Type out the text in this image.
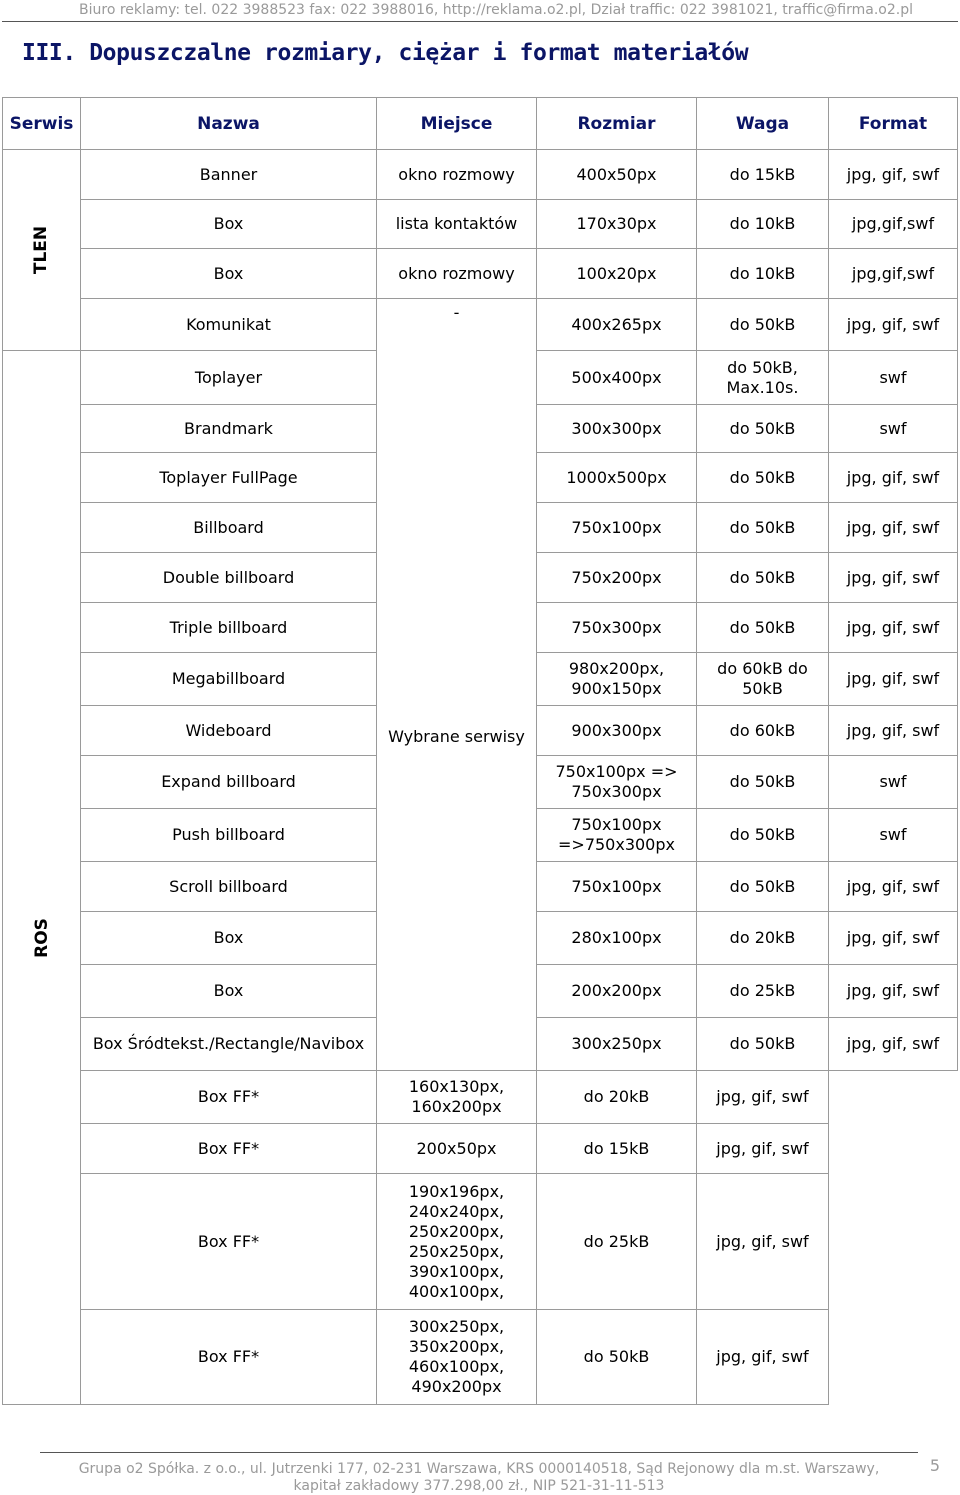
Biuro reklamy: tel. 022 3988523 fax: 022 3988016, http://reklama.o2.pl, Dział traffic: 022 3981021, traffic@firma.o2.pl
III. Dopuszczalne rozmiary, ciężar i format materiałów
Serwis	Nazwa	Miejsce	Rozmiar	Waga	Format
TLEN	Banner	okno rozmowy	400x50px	do 15kB	jpg, gif, swf
	Box	lista kontaktów	170x30px	do 10kB	jpg,gif,swf
	Box	okno rozmowy	100x20px	do 10kB	jpg,gif,swf
	Komunikat	-	400x265px	do 50kB	jpg, gif, swf
ROS	Toplayer		500x400px	do 50kB, Max.10s.	swf
	Brandmark	Wybrane serwisy	300x300px	do 50kB	swf
	Toplayer FullPage		1000x500px	do 50kB	jpg, gif, swf
	Billboard		750x100px	do 50kB	jpg, gif, swf
	Double billboard		750x200px	do 50kB	jpg, gif, swf
	Triple billboard		750x300px	do 50kB	jpg, gif, swf
	Megabillboard		980x200px, 900x150px	do 60kB do 50kB	jpg, gif, swf
	Wideboard		900x300px	do 60kB	jpg, gif, swf
	Expand billboard		750x100px => 750x300px	do 50kB	swf
	Push billboard		750x100px =>750x300px	do 50kB	swf
	Scroll billboard		750x100px	do 50kB	jpg, gif, swf
	Box		280x100px	do 20kB	jpg, gif, swf
	Box		200x200px	do 25kB	jpg, gif, swf
	Box Śródtekst./Rectangle/Navibox		300x250px	do 50kB	jpg, gif, swf
	Box FF*	160x130px, 160x200px	do 20kB	jpg, gif, swf	
	Box FF*	200x50px	do 15kB	jpg, gif, swf	
	Box FF*	190x196px, 240x240px, 250x200px, 250x250px, 390x100px, 400x100px,	do 25kB	jpg, gif, swf	
	Box FF*	300x250px, 350x200px, 460x100px, 490x200px	do 50kB	jpg, gif, swf	
Grupa o2 Spółka. z o.o., ul. Jutrzenki 177, 02-231 Warszawa, KRS 0000140518, Sąd Rejonowy dla m.st. Warszawy,
kapitał zakładowy 377.298,00 zł., NIP 521-31-11-513
5
